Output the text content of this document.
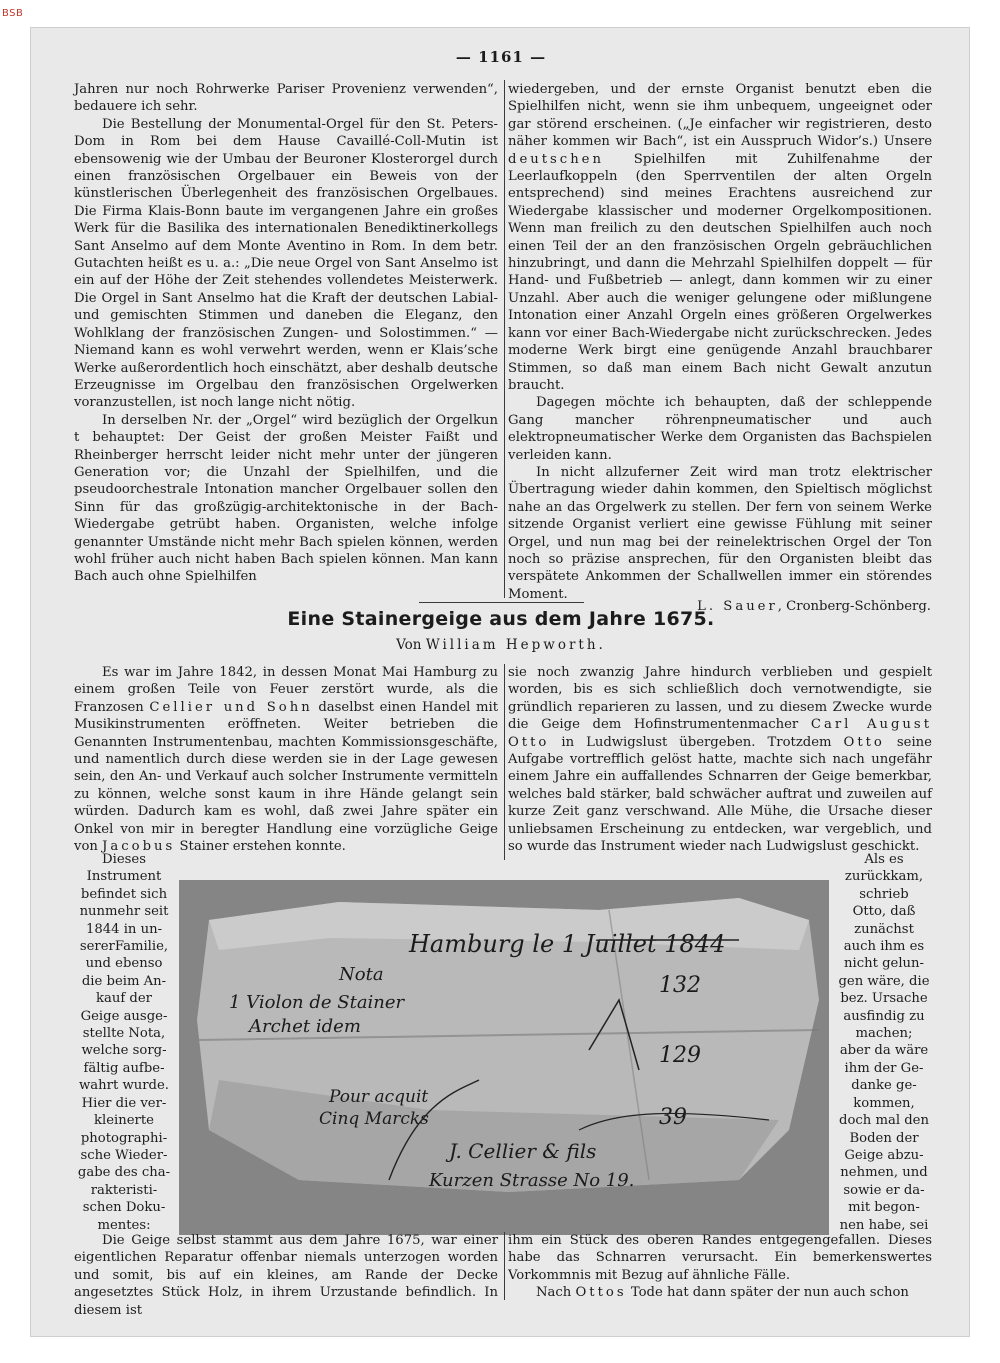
BSB
— 1161 —

Jahren nur noch Rohrwerke Pariser Provenienz verwenden“, bedauere ich sehr.

Die Bestellung der Monumental-Orgel für den St. Peters-Dom in Rom bei dem Hause Cavaillé-Coll-Mutin ist ebensowenig wie der Umbau der Beuroner Klosterorgel durch einen französischen Orgelbauer ein Beweis von der künstlerischen Überlegenheit des französischen Orgelbaues. Die Firma Klais-Bonn baute im vergangenen Jahre ein großes Werk für die Basilika des internationalen Benediktinerkollegs Sant Anselmo auf dem Monte Aventino in Rom. In dem betr. Gutachten heißt es u. a.: „Die neue Orgel von Sant Anselmo ist ein auf der Höhe der Zeit stehendes vollendetes Meisterwerk. Die Orgel in Sant Anselmo hat die Kraft der deutschen Labial- und gemischten Stimmen und daneben die Eleganz, den Wohlklang der französischen Zungen- und Solostimmen.“ — Niemand kann es wohl verwehrt werden, wenn er Klais’sche Werke außerordentlich hoch einschätzt, aber deshalb deutsche Erzeugnisse im Orgelbau den französischen Orgelwerken voranzustellen, ist noch lange nicht nötig.

In derselben Nr. der „Orgel“ wird bezüglich der Orgelkun t behauptet: Der Geist der großen Meister Faißt und Rheinberger herrscht leider nicht mehr unter der jüngeren Generation vor; die Unzahl der Spielhilfen, und die pseudoorchestrale Intonation mancher Orgelbauer sollen den Sinn für das großzügig-architektonische in der Bach-Wiedergabe getrübt haben. Organisten, welche infolge genannter Umstände nicht mehr Bach spielen können, werden wohl früher auch nicht haben Bach spielen können. Man kann Bach auch ohne Spielhilfen

wiedergeben, und der ernste Organist benutzt eben die Spielhilfen nicht, wenn sie ihm unbequem, ungeeignet oder gar störend erscheinen. („Je einfacher wir registrieren, desto näher kommen wir Bach“, ist ein Ausspruch Widor’s.) Unsere deutschen Spielhilfen mit Zuhilfenahme der Leerlaufkoppeln (den Sperrventilen der alten Orgeln entsprechend) sind meines Erachtens ausreichend zur Wiedergabe klassischer und moderner Orgelkompositionen. Wenn man freilich zu den deutschen Spielhilfen auch noch einen Teil der an den französischen Orgeln gebräuchlichen hinzubringt, und dann die Mehrzahl Spielhilfen doppelt — für Hand- und Fußbetrieb — anlegt, dann kommen wir zu einer Unzahl. Aber auch die weniger gelungene oder mißlungene Intonation einer Anzahl Orgeln eines größeren Orgelwerkes kann vor einer Bach-Wiedergabe nicht zurückschrecken. Jedes moderne Werk birgt eine genügende Anzahl brauchbarer Stimmen, so daß man einem Bach nicht Gewalt anzutun braucht.

Dagegen möchte ich behaupten, daß der schleppende Gang mancher röhrenpneumatischer und auch elektropneumatischer Werke dem Organisten das Bachspielen verleiden kann.

In nicht allzuferner Zeit wird man trotz elektrischer Übertragung wieder dahin kommen, den Spieltisch möglichst nahe an das Orgelwerk zu stellen. Der fern von seinem Werke sitzende Organist verliert eine gewisse Fühlung mit seiner Orgel, und nun mag bei der reinelektrischen Orgel der Ton noch so präzise ansprechen, für den Organisten bleibt das verspätete Ankommen der Schallwellen immer ein störendes Moment.

L. Sauer, Cronberg-Schönberg.
Eine Stainergeige aus dem Jahre 1675.
Von William Hepworth.

Es war im Jahre 1842, in dessen Monat Mai Hamburg zu einem großen Teile von Feuer zerstört wurde, als die Franzosen Cellier und Sohn daselbst einen Handel mit Musikinstrumenten eröffneten. Weiter betrieben die Genannten Instrumentenbau, machten Kommissionsgeschäfte, und namentlich durch diese werden sie in der Lage gewesen sein, den An- und Verkauf auch solcher Instrumente vermitteln zu können, welche sonst kaum in ihre Hände gelangt sein würden. Dadurch kam es wohl, daß zwei Jahre später ein Onkel von mir in beregter Handlung eine vorzügliche Geige von Jacobus Stainer erstehen konnte.

sie noch zwanzig Jahre hindurch verblieben und gespielt worden, bis es sich schließlich doch vernotwendigte, sie gründlich reparieren zu lassen, und zu diesem Zwecke wurde die Geige dem Hofinstrumentenmacher Carl August Otto in Ludwigslust übergeben. Trotzdem Otto seine Aufgabe vortrefflich gelöst hatte, machte sich nach ungefähr einem Jahre ein auffallendes Schnarren der Geige bemerkbar, welches bald stärker, bald schwächer auftrat und zuweilen auf kurze Zeit ganz verschwand. Alle Mühe, die Ursache dieser unliebsamen Erscheinung zu entdecken, war vergeblich, und so wurde das Instrument wieder nach Ludwigslust geschickt.

Dieses

Instrument

befindet sich

nunmehr seit

1844 in un-

sererFamilie,

und ebenso

die beim An-

kauf der

Geige ausge-

stellte Nota,

welche sorg-

fältig aufbe-

wahrt wurde.

Hier die ver-

kleinerte

photographi-

sche Wieder-

gabe des cha-

rakteristi-

schen Doku-

mentes:

Als es

zurückkam,

schrieb

Otto, daß

zunächst

auch ihm es

nicht gelun-

gen wäre, die

bez. Ursache

ausfindig zu

machen;

aber da wäre

ihm der Ge-

danke ge-

kommen,

doch mal den

Boden der

Geige abzu-

nehmen, und

sowie er da-

mit begon-

nen habe, sei

Hamburg le 1 Juillet 1844
Nota
1 Violon de Stainer
Archet idem
132
129
Pour acquit
Cinq Marcks	39
J. Cellier & fils
Kurzen Strasse No 19.

Die Geige selbst stammt aus dem Jahre 1675, war einer eigentlichen Reparatur offenbar niemals unterzogen worden und somit, bis auf ein kleines, am Rande der Decke angesetztes Stück Holz, in ihrem Urzustande befindlich. In diesem ist

ihm ein Stück des oberen Randes entgegengefallen. Dieses habe das Schnarren verursacht. Ein bemerkenswertes Vorkommnis mit Bezug auf ähnliche Fälle.

Nach Ottos Tode hat dann später der nun auch schon
